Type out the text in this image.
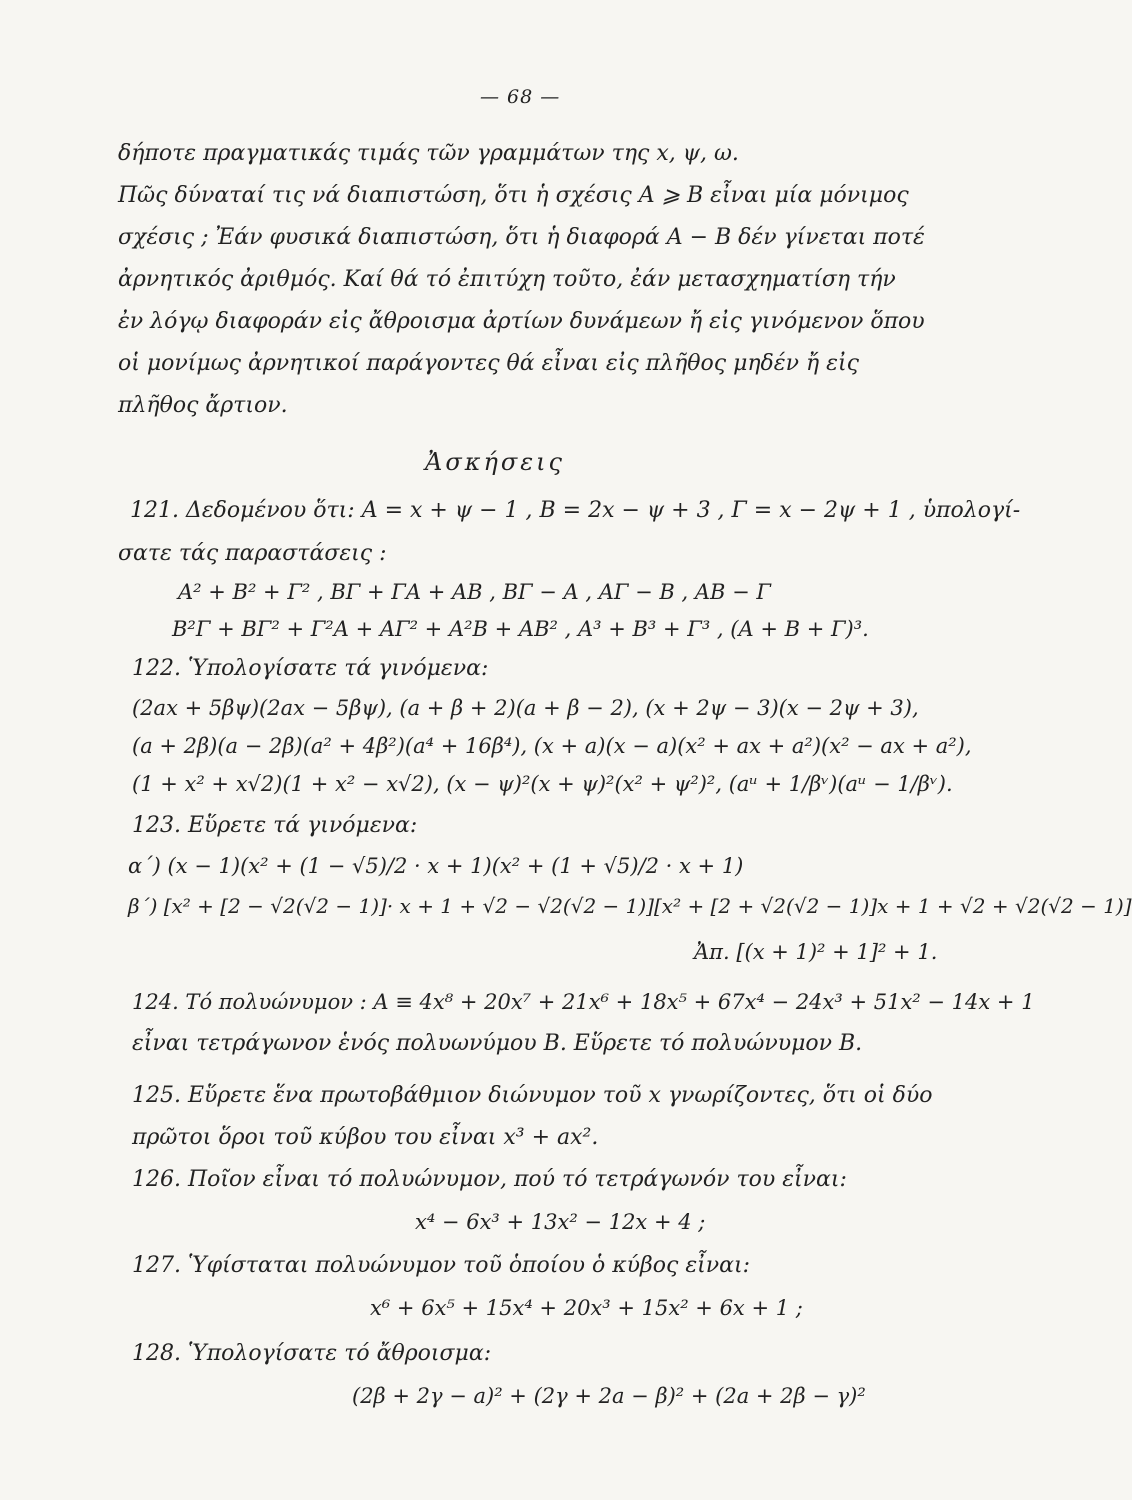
— 68 —
δήποτε πραγματικάς τιμάς τῶν γραμμάτων της x, ψ, ω.
Πῶς δύναταί τις νά διαπιστώση, ὅτι ἡ σχέσις A ⩾ B εἶναι μία μόνιμος
σχέσις ; Ἐάν φυσικά διαπιστώση, ὅτι ἡ διαφορά A − B δέν γίνεται ποτέ
ἀρνητικός ἀριθμός. Καί θά τό ἐπιτύχη τοῦτο, ἐάν μετασχηματίση τήν
ἐν λόγῳ διαφοράν εἰς ἄθροισμα ἀρτίων δυνάμεων ἤ εἰς γινόμενον ὅπου
οἱ μονίμως ἀρνητικοί παράγοντες θά εἶναι εἰς πλῆθος μηδέν ἤ εἰς
πλῆθος ἄρτιον.
Ἀσκήσεις
121. Δεδομένου ὅτι: A = x + ψ − 1 , B = 2x − ψ + 3 , Γ = x − 2ψ + 1 , ὑπολογί-
σατε τάς παραστάσεις :
A² + B² + Γ² , BΓ + ΓA + AB , BΓ − A , AΓ − B , AB − Γ
B²Γ + BΓ² + Γ²A + AΓ² + A²B + AB² , A³ + B³ + Γ³ , (A + B + Γ)³.
122. Ὑπολογίσατε τά γινόμενα:
(2ax + 5βψ)(2ax − 5βψ), (a + β + 2)(a + β − 2), (x + 2ψ − 3)(x − 2ψ + 3),
(a + 2β)(a − 2β)(a² + 4β²)(a⁴ + 16β⁴), (x + a)(x − a)(x² + ax + a²)(x² − ax + a²),
(1 + x² + x√2)(1 + x² − x√2), (x − ψ)²(x + ψ)²(x² + ψ²)², (aᵘ + 1/βᵛ)(aᵘ − 1/βᵛ).
123. Εὕρετε τά γινόμενα:
α΄) (x − 1)(x² + (1 − √5)/2 · x + 1)(x² + (1 + √5)/2 · x + 1)
β΄) [x² + [2 − √2(√2 − 1)]· x + 1 + √2 − √2(√2 − 1)][x² + [2 + √2(√2 − 1)]x + 1 + √2 + √2(√2 − 1)]
Ἀπ. [(x + 1)² + 1]² + 1.
124. Τό πολυώνυμον : A ≡ 4x⁸ + 20x⁷ + 21x⁶ + 18x⁵ + 67x⁴ − 24x³ + 51x² − 14x + 1
εἶναι τετράγωνον ἑνός πολυωνύμου B. Εὕρετε τό πολυώνυμον B.
125. Εὕρετε ἕνα πρωτοβάθμιον διώνυμον τοῦ x γνωρίζοντες, ὅτι οἱ δύο
πρῶτοι ὅροι τοῦ κύβου του εἶναι x³ + ax².
126. Ποῖον εἶναι τό πολυώνυμον, πού τό τετράγωνόν του εἶναι:
x⁴ − 6x³ + 13x² − 12x + 4 ;
127. Ὑφίσταται πολυώνυμον τοῦ ὁποίου ὁ κύβος εἶναι:
x⁶ + 6x⁵ + 15x⁴ + 20x³ + 15x² + 6x + 1 ;
128. Ὑπολογίσατε τό ἄθροισμα:
(2β + 2γ − a)² + (2γ + 2a − β)² + (2a + 2β − γ)²
